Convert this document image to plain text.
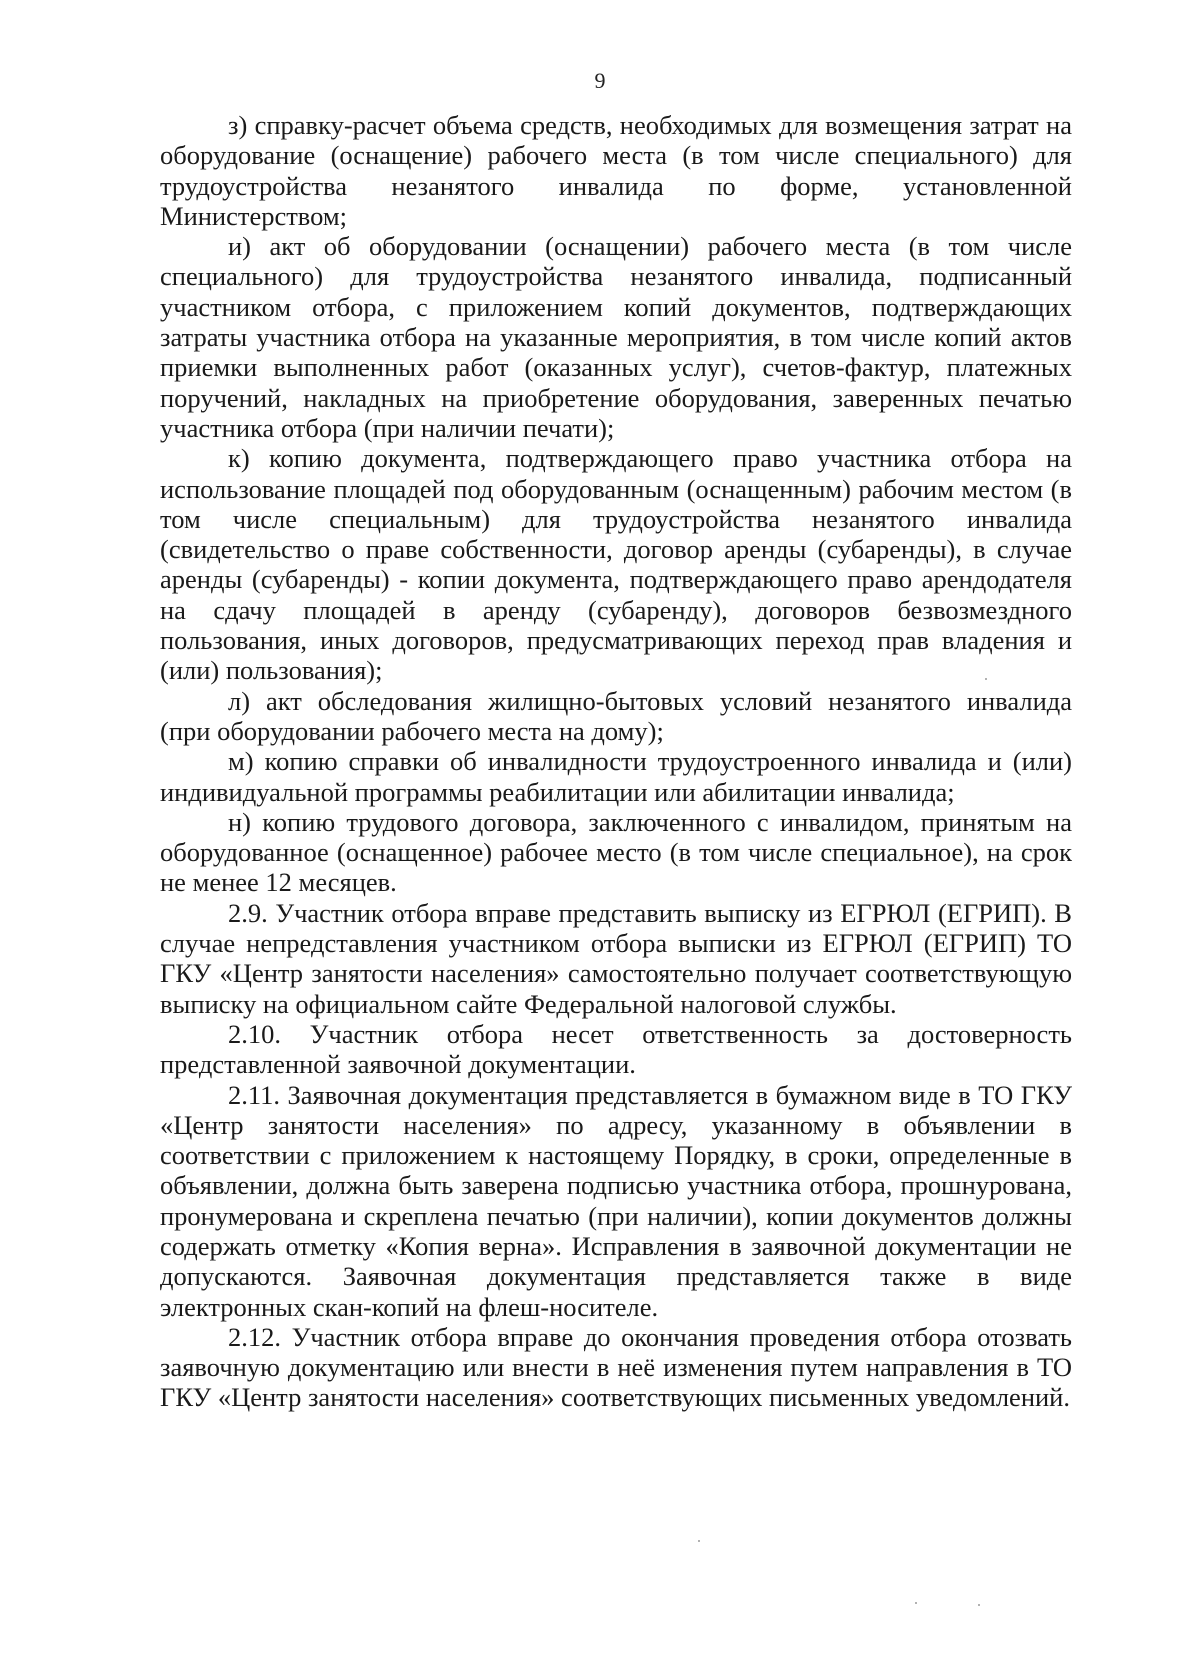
9

з) справку-расчет объема средств, необходимых для возмещения затрат на оборудование (оснащение) рабочего места (в том числе специального) для трудоустройства незанятого инвалида по форме, установленной Министерством;

и) акт об оборудовании (оснащении) рабочего места (в том числе специального) для трудоустройства незанятого инвалида, подписанный участником отбора, с приложением копий документов, подтверждающих затраты участника отбора на указанные мероприятия, в том числе копий актов приемки выполненных работ (оказанных услуг), счетов-фактур, платежных поручений, накладных на приобретение оборудования, заверенных печатью участника отбора (при наличии печати);

к) копию документа, подтверждающего право участника отбора на использование площадей под оборудованным (оснащенным) рабочим местом (в том числе специальным) для трудоустройства незанятого инвалида (свидетельство о праве собственности, договор аренды (субаренды), в случае аренды (субаренды) - копии документа, подтверждающего право арендодателя на сдачу площадей в аренду (субаренду), договоров безвозмездного пользования, иных договоров, предусматривающих переход прав владения и (или) пользования);

л) акт обследования жилищно-бытовых условий незанятого инвалида (при оборудовании рабочего места на дому);

м) копию справки об инвалидности трудоустроенного инвалида и (или) индивидуальной программы реабилитации или абилитации инвалида;

н) копию трудового договора, заключенного с инвалидом, принятым на оборудованное (оснащенное) рабочее место (в том числе специальное), на срок не менее 12 месяцев.

2.9. Участник отбора вправе представить выписку из ЕГРЮЛ (ЕГРИП). В случае непредставления участником отбора выписки из ЕГРЮЛ (ЕГРИП) ТО ГКУ «Центр занятости населения» самостоятельно получает соответствующую выписку на официальном сайте Федеральной налоговой службы.

2.10. Участник отбора несет ответственность за достоверность представленной заявочной документации.

2.11. Заявочная документация представляется в бумажном виде в ТО ГКУ «Центр занятости населения» по адресу, указанному в объявлении в соответствии с приложением к настоящему Порядку, в сроки, определенные в объявлении, должна быть заверена подписью участника отбора, прошнурована, пронумерована и скреплена печатью (при наличии), копии документов должны содержать отметку «Копия верна». Исправления в заявочной документации не допускаются. Заявочная документация представляется также в виде электронных скан-копий на флеш-носителе.

2.12. Участник отбора вправе до окончания проведения отбора отозвать заявочную документацию или внести в неё изменения путем направления в ТО ГКУ «Центр занятости населения» соответствующих письменных уведомлений.
